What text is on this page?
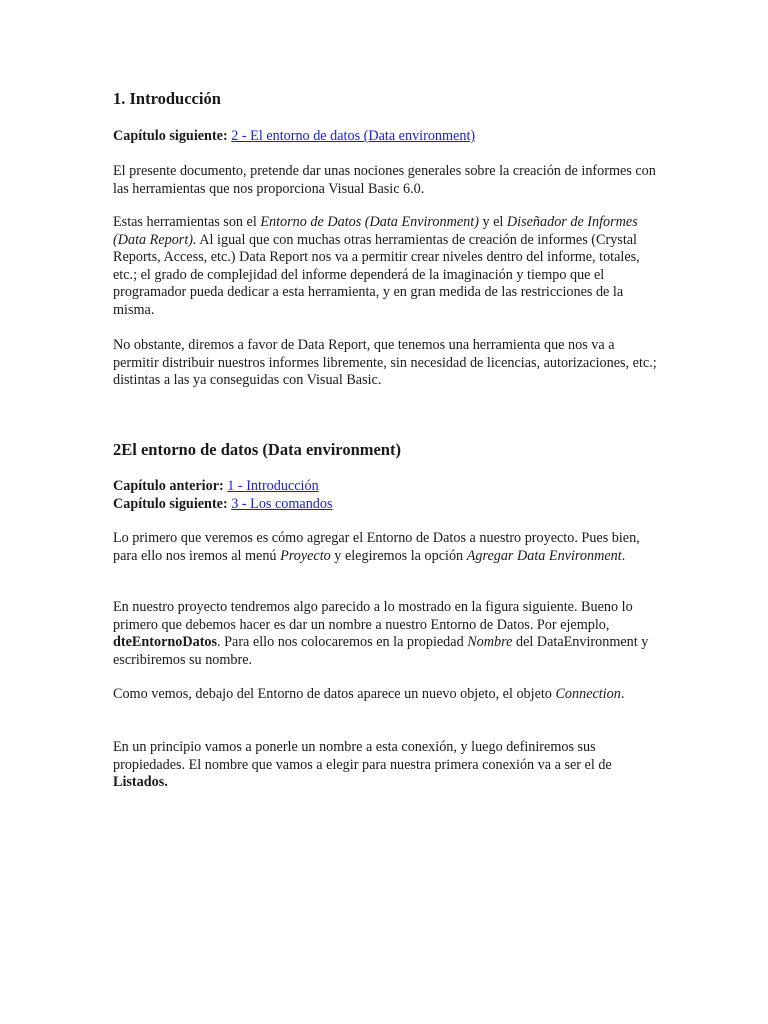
1. Introducción

Capítulo siguiente: 2 - El entorno de datos (Data environment)

El presente documento, pretende dar unas nociones generales sobre la creación de informes con las herramientas que nos proporciona Visual Basic 6.0.

Estas herramientas son el Entorno de Datos (Data Environment) y el Diseñador de Informes (Data Report). Al igual que con muchas otras herramientas de creación de informes (Crystal Reports, Access, etc.) Data Report nos va a permitir crear niveles dentro del informe, totales, etc.; el grado de complejidad del informe dependerá de la imaginación y tiempo que el programador pueda dedicar a esta herramienta, y en gran medida de las restricciones de la misma.

No obstante, diremos a favor de Data Report, que tenemos una herramienta que nos va a permitir distribuir nuestros informes libremente, sin necesidad de licencias, autorizaciones, etc.; distintas a las ya conseguidas con Visual Basic.

2El entorno de datos (Data environment)

Capítulo anterior: 1 - Introducción

Capítulo siguiente: 3 - Los comandos

Lo primero que veremos es cómo agregar el Entorno de Datos a nuestro proyecto. Pues bien, para ello nos iremos al menú Proyecto y elegiremos la opción Agregar Data Environment.

En nuestro proyecto tendremos algo parecido a lo mostrado en la figura siguiente. Bueno lo primero que debemos hacer es dar un nombre a nuestro Entorno de Datos. Por ejemplo, dteEntornoDatos. Para ello nos colocaremos en la propiedad Nombre del DataEnvironment y escribiremos su nombre.

Como vemos, debajo del Entorno de datos aparece un nuevo objeto, el objeto Connection.

En un principio vamos a ponerle un nombre a esta conexión, y luego definiremos sus propiedades. El nombre que vamos a elegir para nuestra primera conexión va a ser el de Listados.
